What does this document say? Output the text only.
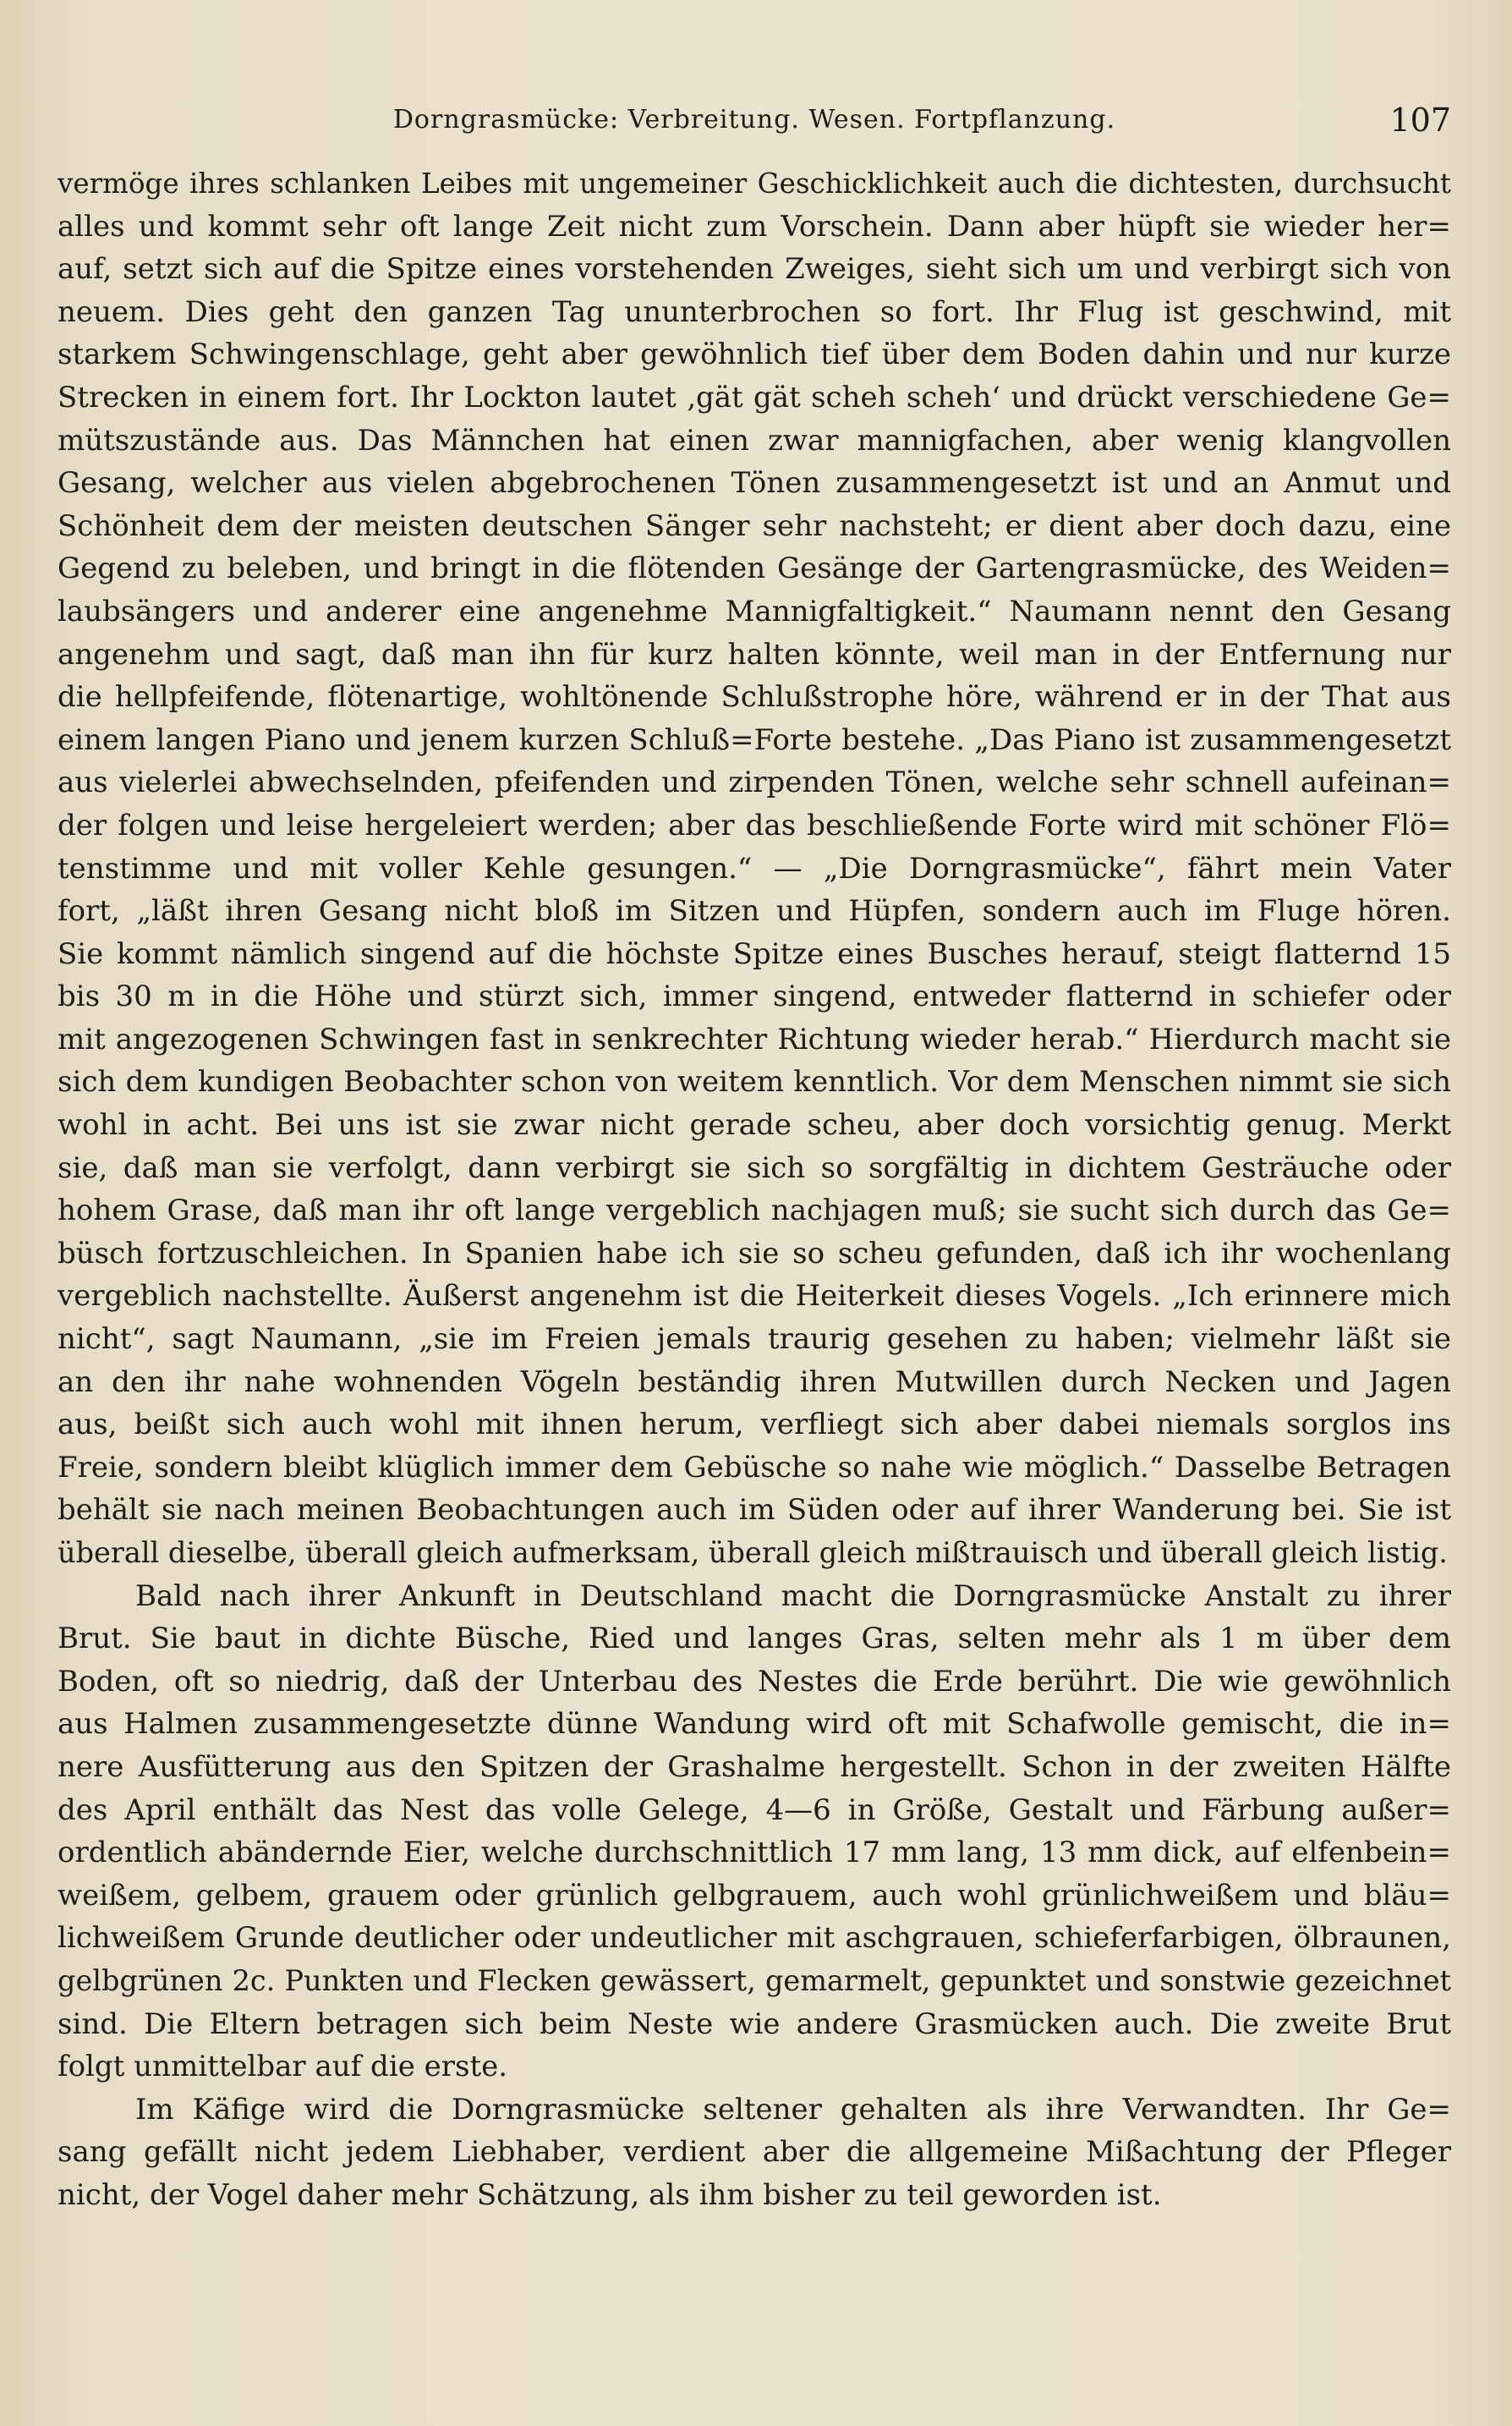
Dorngrasmücke: Verbreitung. Wesen. Fortpflanzung.	107
vermöge ihres schlanken Leibes mit ungemeiner Geschicklichkeit auch die dichtesten, durchsucht
alles und kommt sehr oft lange Zeit nicht zum Vorschein. Dann aber hüpft sie wieder her=
auf, setzt sich auf die Spitze eines vorstehenden Zweiges, sieht sich um und verbirgt sich von
neuem. Dies geht den ganzen Tag ununterbrochen so fort. Ihr Flug ist geschwind, mit
starkem Schwingenschlage, geht aber gewöhnlich tief über dem Boden dahin und nur kurze
Strecken in einem fort. Ihr Lockton lautet ‚gät gät scheh scheh‘ und drückt verschiedene Ge=
mütszustände aus. Das Männchen hat einen zwar mannigfachen, aber wenig klangvollen
Gesang, welcher aus vielen abgebrochenen Tönen zusammengesetzt ist und an Anmut und
Schönheit dem der meisten deutschen Sänger sehr nachsteht; er dient aber doch dazu, eine
Gegend zu beleben, und bringt in die flötenden Gesänge der Gartengrasmücke, des Weiden=
laubsängers und anderer eine angenehme Mannigfaltigkeit.“ Naumann nennt den Gesang
angenehm und sagt, daß man ihn für kurz halten könnte, weil man in der Entfernung nur
die hellpfeifende, flötenartige, wohltönende Schlußstrophe höre, während er in der That aus
einem langen Piano und jenem kurzen Schluß=Forte bestehe. „Das Piano ist zusammengesetzt
aus vielerlei abwechselnden, pfeifenden und zirpenden Tönen, welche sehr schnell aufeinan=
der folgen und leise hergeleiert werden; aber das beschließende Forte wird mit schöner Flö=
tenstimme und mit voller Kehle gesungen.“ — „Die Dorngrasmücke“, fährt mein Vater
fort, „läßt ihren Gesang nicht bloß im Sitzen und Hüpfen, sondern auch im Fluge hören.
Sie kommt nämlich singend auf die höchste Spitze eines Busches herauf, steigt flatternd 15
bis 30 m in die Höhe und stürzt sich, immer singend, entweder flatternd in schiefer oder
mit angezogenen Schwingen fast in senkrechter Richtung wieder herab.“ Hierdurch macht sie
sich dem kundigen Beobachter schon von weitem kenntlich. Vor dem Menschen nimmt sie sich
wohl in acht. Bei uns ist sie zwar nicht gerade scheu, aber doch vorsichtig genug. Merkt
sie, daß man sie verfolgt, dann verbirgt sie sich so sorgfältig in dichtem Gesträuche oder
hohem Grase, daß man ihr oft lange vergeblich nachjagen muß; sie sucht sich durch das Ge=
büsch fortzuschleichen. In Spanien habe ich sie so scheu gefunden, daß ich ihr wochenlang
vergeblich nachstellte. Äußerst angenehm ist die Heiterkeit dieses Vogels. „Ich erinnere mich
nicht“, sagt Naumann, „sie im Freien jemals traurig gesehen zu haben; vielmehr läßt sie
an den ihr nahe wohnenden Vögeln beständig ihren Mutwillen durch Necken und Jagen
aus, beißt sich auch wohl mit ihnen herum, verfliegt sich aber dabei niemals sorglos ins
Freie, sondern bleibt klüglich immer dem Gebüsche so nahe wie möglich.“ Dasselbe Betragen
behält sie nach meinen Beobachtungen auch im Süden oder auf ihrer Wanderung bei. Sie ist
überall dieselbe, überall gleich aufmerksam, überall gleich mißtrauisch und überall gleich listig.
Bald nach ihrer Ankunft in Deutschland macht die Dorngrasmücke Anstalt zu ihrer
Brut. Sie baut in dichte Büsche, Ried und langes Gras, selten mehr als 1 m über dem
Boden, oft so niedrig, daß der Unterbau des Nestes die Erde berührt. Die wie gewöhnlich
aus Halmen zusammengesetzte dünne Wandung wird oft mit Schafwolle gemischt, die in=
nere Ausfütterung aus den Spitzen der Grashalme hergestellt. Schon in der zweiten Hälfte
des April enthält das Nest das volle Gelege, 4—6 in Größe, Gestalt und Färbung außer=
ordentlich abändernde Eier, welche durchschnittlich 17 mm lang, 13 mm dick, auf elfenbein=
weißem, gelbem, grauem oder grünlich gelbgrauem, auch wohl grünlichweißem und bläu=
lichweißem Grunde deutlicher oder undeutlicher mit aschgrauen, schieferfarbigen, ölbraunen,
gelbgrünen 2c. Punkten und Flecken gewässert, gemarmelt, gepunktet und sonstwie gezeichnet
sind. Die Eltern betragen sich beim Neste wie andere Grasmücken auch. Die zweite Brut
folgt unmittelbar auf die erste.
Im Käfige wird die Dorngrasmücke seltener gehalten als ihre Verwandten. Ihr Ge=
sang gefällt nicht jedem Liebhaber, verdient aber die allgemeine Mißachtung der Pfleger
nicht, der Vogel daher mehr Schätzung, als ihm bisher zu teil geworden ist.
